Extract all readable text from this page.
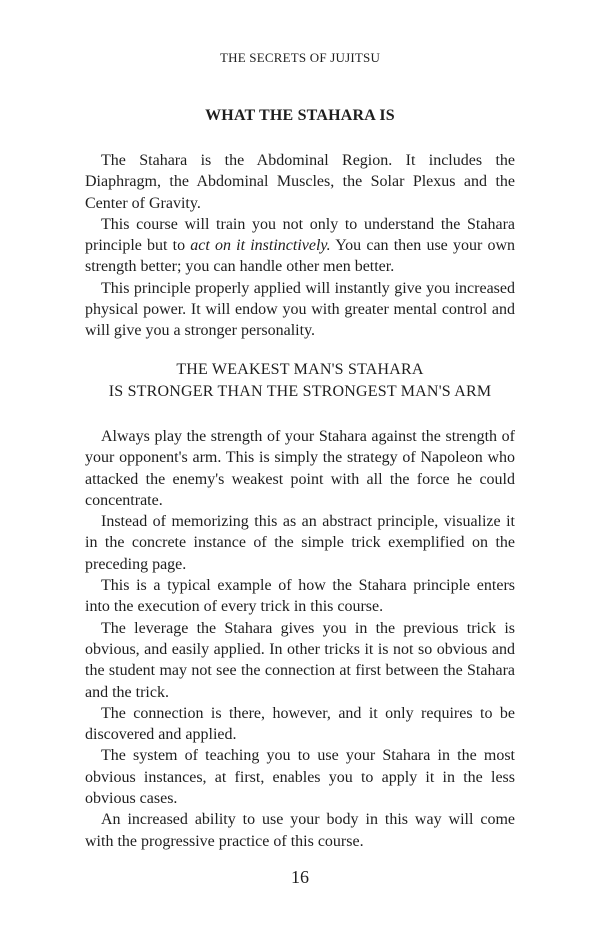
THE SECRETS OF JUJITSU
WHAT THE STAHARA IS

The Stahara is the Abdominal Region. It includes the Diaphragm, the Abdominal Muscles, the Solar Plexus and the Center of Gravity.

This course will train you not only to understand the Stahara principle but to act on it instinctively. You can then use your own strength better; you can handle other men better.

This principle properly applied will instantly give you increased physical power. It will endow you with greater mental control and will give you a stronger personality.

THE WEAKEST MAN'S STAHARA
IS STRONGER THAN THE STRONGEST MAN'S ARM

Always play the strength of your Stahara against the strength of your opponent's arm. This is simply the strategy of Napoleon who attacked the enemy's weakest point with all the force he could concentrate.

Instead of memorizing this as an abstract principle, visualize it in the concrete instance of the simple trick exemplified on the preceding page.

This is a typical example of how the Stahara principle enters into the execution of every trick in this course.

The leverage the Stahara gives you in the previous trick is obvious, and easily applied. In other tricks it is not so obvious and the student may not see the connection at first between the Stahara and the trick.

The connection is there, however, and it only requires to be discovered and applied.

The system of teaching you to use your Stahara in the most obvious instances, at first, enables you to apply it in the less obvious cases.

An increased ability to use your body in this way will come with the progressive practice of this course.

16
